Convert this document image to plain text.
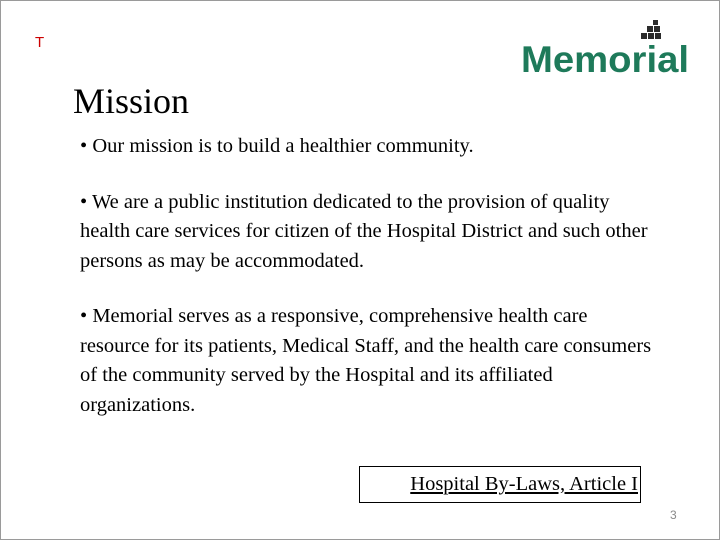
T	Memorial
Mission
• Our mission is to build a healthier community.
• We are a public institution dedicated to the provision of quality health care services for citizen of the Hospital District and such other persons as may be accommodated.
• Memorial serves as a responsive, comprehensive health care resource for its patients, Medical Staff, and the health care consumers of the community served by the Hospital and its affiliated organizations.
Hospital By-Laws, Article I
3
